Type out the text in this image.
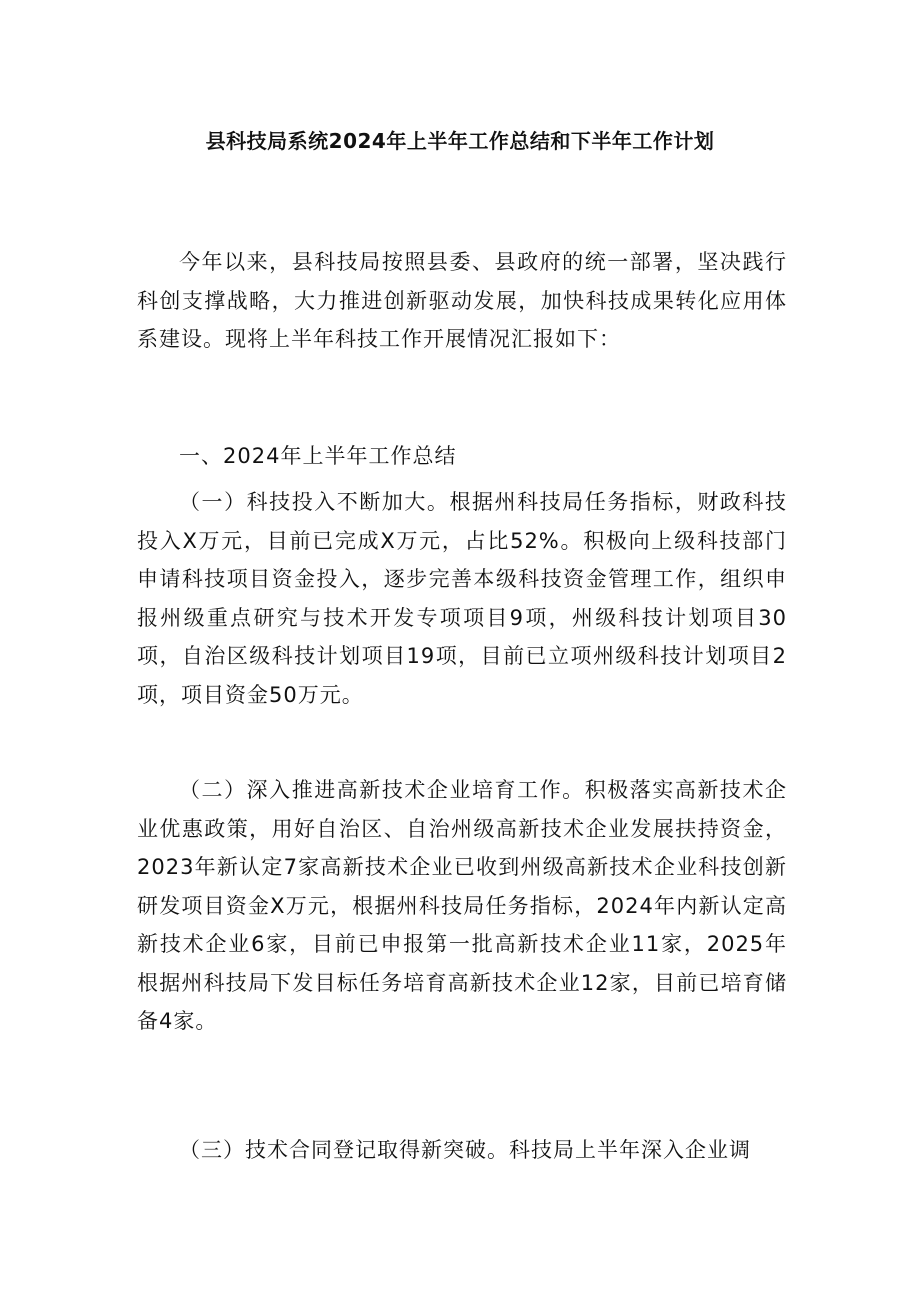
县科技局系统2024年上半年工作总结和下半年工作计划

今年以来，县科技局按照县委、县政府的统一部署，坚决践行科创支撑战略，大力推进创新驱动发展，加快科技成果转化应用体系建设。现将上半年科技工作开展情况汇报如下：

一、2024年上半年工作总结

（一）科技投入不断加大。根据州科技局任务指标，财政科技投入X万元，目前已完成X万元，占比52%。积极向上级科技部门申请科技项目资金投入，逐步完善本级科技资金管理工作，组织申报州级重点研究与技术开发专项项目9项，州级科技计划项目30项，自治区级科技计划项目19项，目前已立项州级科技计划项目2项，项目资金50万元。

（二）深入推进高新技术企业培育工作。积极落实高新技术企业优惠政策，用好自治区、自治州级高新技术企业发展扶持资金，2023年新认定7家高新技术企业已收到州级高新技术企业科技创新研发项目资金X万元，根据州科技局任务指标，2024年内新认定高新技术企业6家，目前已申报第一批高新技术企业11家，2025年根据州科技局下发目标任务培育高新技术企业12家，目前已培育储备4家。

（三）技术合同登记取得新突破。科技局上半年深入企业调
